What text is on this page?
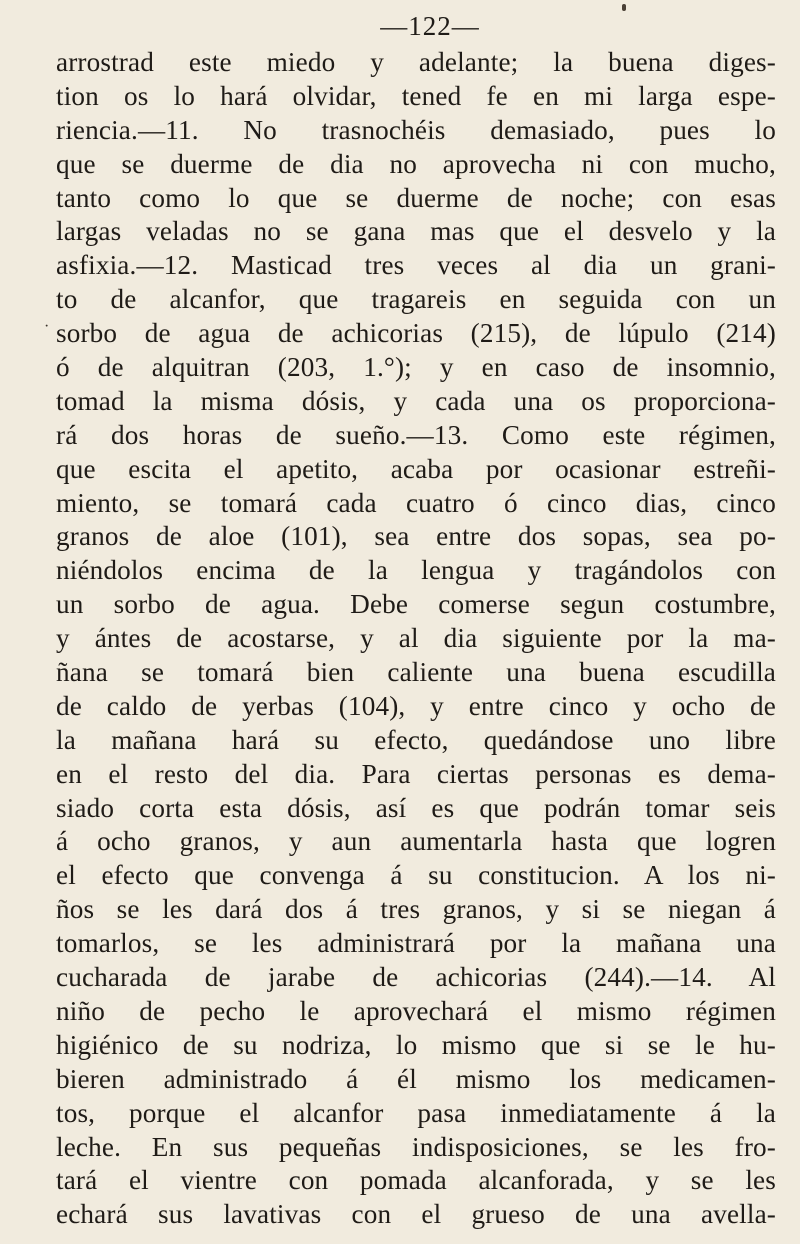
—122—
·
arrostrad este miedo y adelante; la buena diges-
tion os lo hará olvidar, tened fe en mi larga espe-
riencia.—11. No trasnochéis demasiado, pues lo
que se duerme de dia no aprovecha ni con mucho,
tanto como lo que se duerme de noche; con esas
largas veladas no se gana mas que el desvelo y la
asfixia.—12. Masticad tres veces al dia un grani-
to de alcanfor, que tragareis en seguida con un
sorbo de agua de achicorias (215), de lúpulo (214)
ó de alquitran (203, 1.°); y en caso de insomnio,
tomad la misma dósis, y cada una os proporciona-
rá dos horas de sueño.—13. Como este régimen,
que escita el apetito, acaba por ocasionar estreñi-
miento, se tomará cada cuatro ó cinco dias, cinco
granos de aloe (101), sea entre dos sopas, sea po-
niéndolos encima de la lengua y tragándolos con
un sorbo de agua. Debe comerse segun costumbre,
y ántes de acostarse, y al dia siguiente por la ma-
ñana se tomará bien caliente una buena escudilla
de caldo de yerbas (104), y entre cinco y ocho de
la mañana hará su efecto, quedándose uno libre
en el resto del dia. Para ciertas personas es dema-
siado corta esta dósis, así es que podrán tomar seis
á ocho granos, y aun aumentarla hasta que logren
el efecto que convenga á su constitucion. A los ni-
ños se les dará dos á tres granos, y si se niegan á
tomarlos, se les administrará por la mañana una
cucharada de jarabe de achicorias (244).—14. Al
niño de pecho le aprovechará el mismo régimen
higiénico de su nodriza, lo mismo que si se le hu-
bieren administrado á él mismo los medicamen-
tos, porque el alcanfor pasa inmediatamente á la
leche. En sus pequeñas indisposiciones, se les fro-
tará el vientre con pomada alcanforada, y se les
echará sus lavativas con el grueso de una avella-
